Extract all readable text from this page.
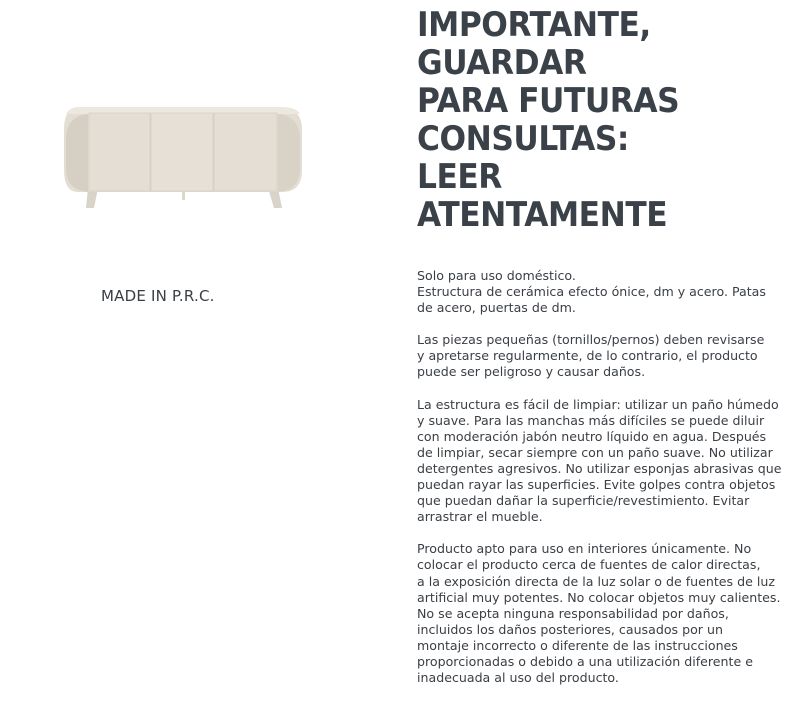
MADE IN P.R.C.
IMPORTANTE,
GUARDAR
PARA FUTURAS
CONSULTAS:
LEER
ATENTAMENTE

Solo para uso doméstico.
Estructura de cerámica efecto ónice, dm y acero. Patas
de acero, puertas de dm.

Las piezas pequeñas (tornillos/pernos) deben revisarse
y apretarse regularmente, de lo contrario, el producto
puede ser peligroso y causar daños.

La estructura es fácil de limpiar: utilizar un paño húmedo
y suave. Para las manchas más difíciles se puede diluir
con moderación jabón neutro líquido en agua. Después
de limpiar, secar siempre con un paño suave. No utilizar
detergentes agresivos. No utilizar esponjas abrasivas que
puedan rayar las superficies. Evite golpes contra objetos
que puedan dañar la superficie/revestimiento. Evitar
arrastrar el mueble.

Producto apto para uso en interiores únicamente. No
colocar el producto cerca de fuentes de calor directas,
a la exposición directa de la luz solar o de fuentes de luz
artificial muy potentes. No colocar objetos muy calientes.
No se acepta ninguna responsabilidad por daños,
incluidos los daños posteriores, causados por un
montaje incorrecto o diferente de las instrucciones
proporcionadas o debido a una utilización diferente e
inadecuada al uso del producto.
